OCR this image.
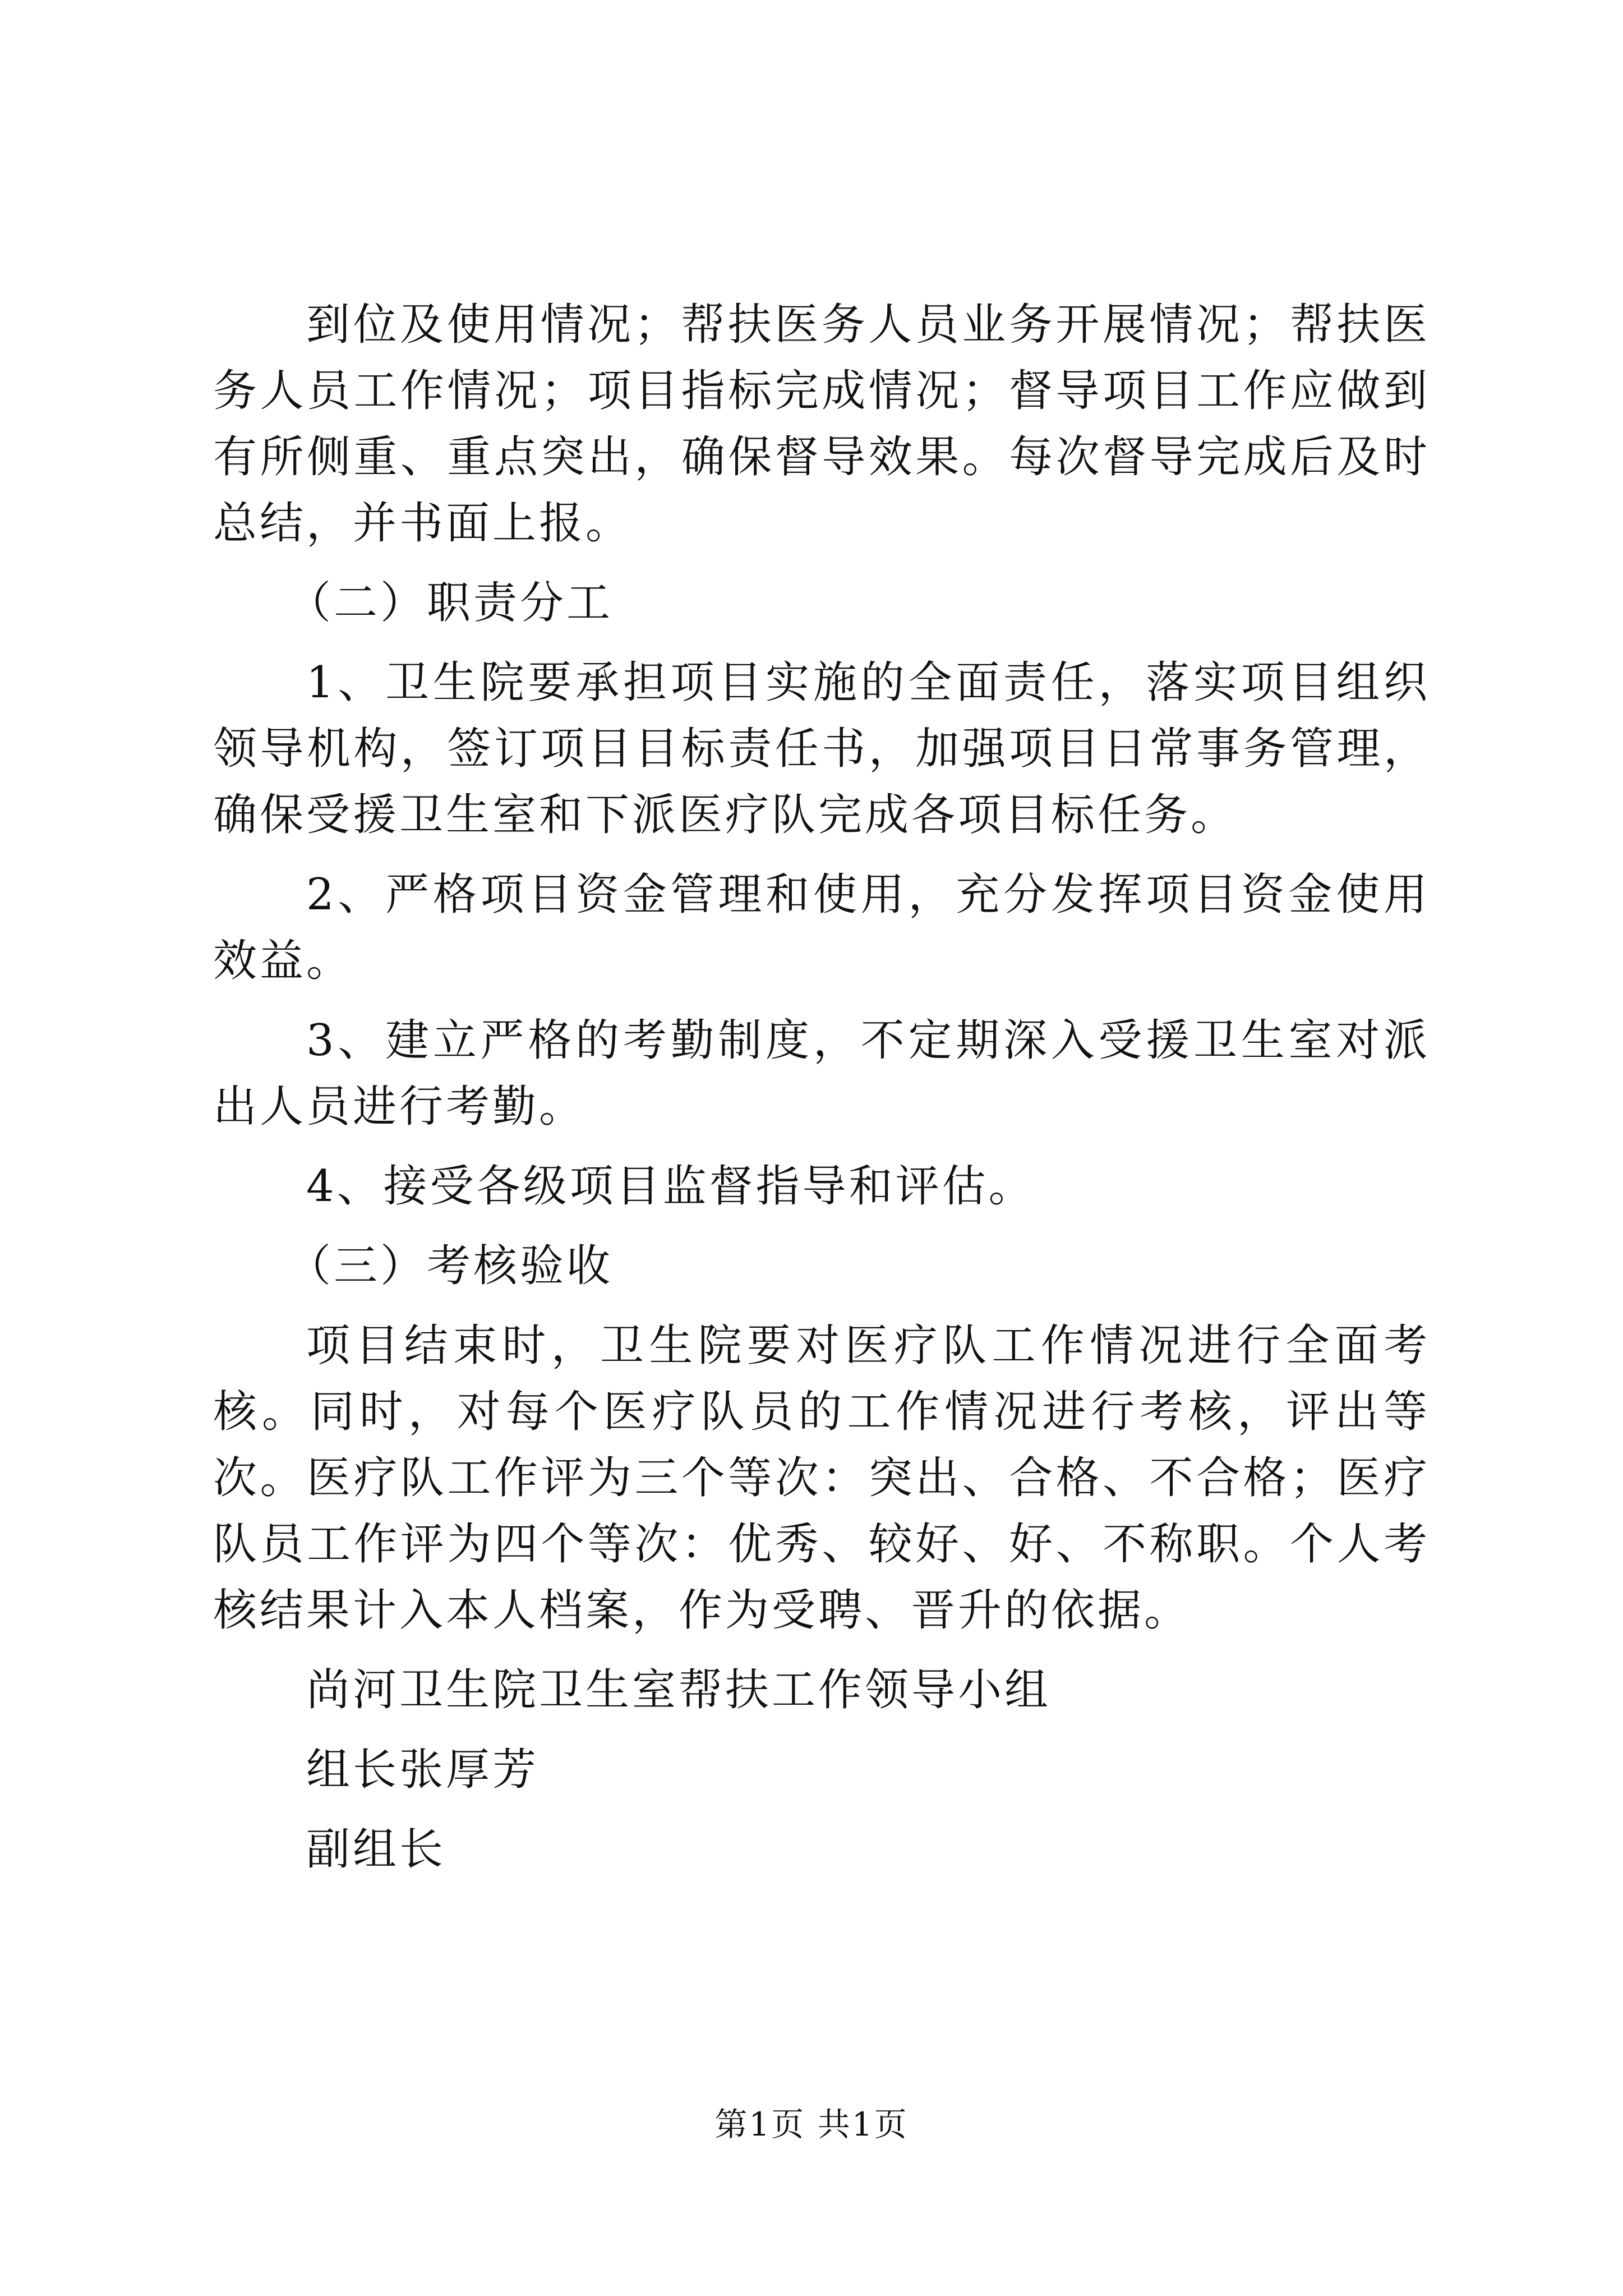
到位及使用情况；帮扶医务人员业务开展情况；帮扶医务人员工作情况；项目指标完成情况；督导项目工作应做到有所侧重、重点突出，确保督导效果。每次督导完成后及时总结，并书面上报。

（二）职责分工

1、卫生院要承担项目实施的全面责任，落实项目组织领导机构，签订项目目标责任书，加强项目日常事务管理，确保受援卫生室和下派医疗队完成各项目标任务。

2、严格项目资金管理和使用，充分发挥项目资金使用效益。

3、建立严格的考勤制度，不定期深入受援卫生室对派出人员进行考勤。

4、接受各级项目监督指导和评估。

（三）考核验收

项目结束时，卫生院要对医疗队工作情况进行全面考核。同时，对每个医疗队员的工作情况进行考核，评出等次。医疗队工作评为三个等次：突出、合格、不合格；医疗队员工作评为四个等次：优秀、较好、好、不称职。个人考核结果计入本人档案，作为受聘、晋升的依据。

尚河卫生院卫生室帮扶工作领导小组

组长张厚芳

副组长

第1页 共1页
